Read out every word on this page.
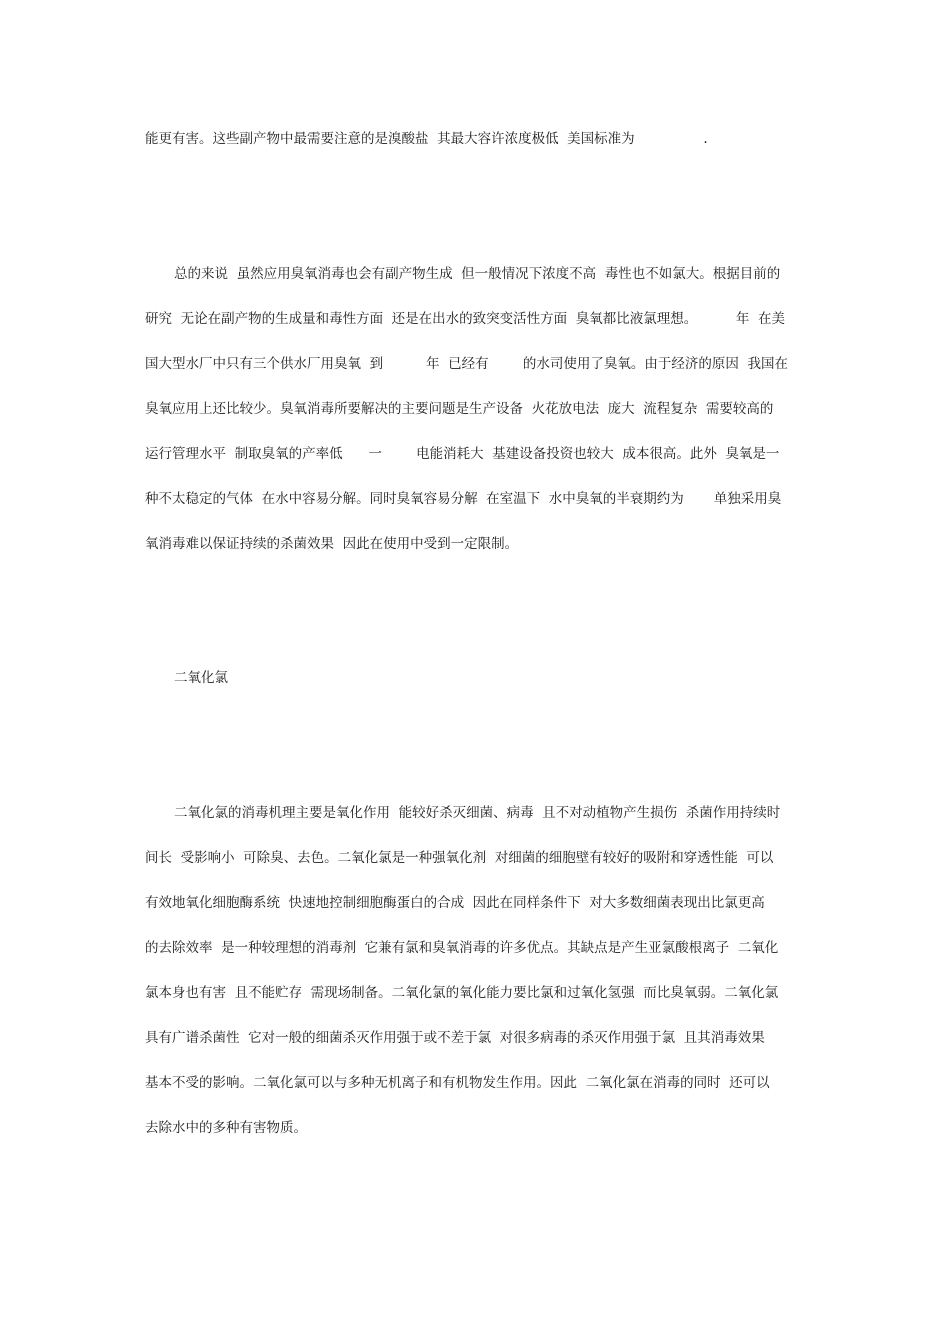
能更有害。这些副产物中最需要注意的是溴酸盐  其最大容许浓度极低  美国标准为                .
总的来说  虽然应用臭氧消毒也会有副产物生成  但一般情况下浓度不高  毒性也不如氯大。根据目前的
研究  无论在副产物的生成量和毒性方面  还是在出水的致突变活性方面  臭氧都比液氯理想。         年  在美
国大型水厂中只有三个供水厂用臭氧  到          年  已经有        的水司使用了臭氧。由于经济的原因  我国在
臭氧应用上还比较少。臭氧消毒所要解决的主要问题是生产设备  火花放电法  庞大  流程复杂  需要较高的
运行管理水平  制取臭氧的产率低      一        电能消耗大  基建设备投资也较大  成本很高。此外  臭氧是一
种不太稳定的气体  在水中容易分解。同时臭氧容易分解  在室温下  水中臭氧的半衰期约为       单独采用臭
氧消毒难以保证持续的杀菌效果  因此在使用中受到一定限制。
二氧化氯
二氧化氯的消毒机理主要是氧化作用  能较好杀灭细菌、病毒  且不对动植物产生损伤  杀菌作用持续时
间长  受影响小  可除臭、去色。二氧化氯是一种强氧化剂  对细菌的细胞壁有较好的吸附和穿透性能  可以
有效地氧化细胞酶系统  快速地控制细胞酶蛋白的合成  因此在同样条件下  对大多数细菌表现出比氯更高
的去除效率  是一种较理想的消毒剂  它兼有氯和臭氧消毒的许多优点。其缺点是产生亚氯酸根离子  二氧化
氯本身也有害  且不能贮存  需现场制备。二氧化氯的氧化能力要比氯和过氧化氢强  而比臭氧弱。二氧化氯
具有广谱杀菌性  它对一般的细菌杀灭作用强于或不差于氯  对很多病毒的杀灭作用强于氯  且其消毒效果
基本不受的影响。二氧化氯可以与多种无机离子和有机物发生作用。因此  二氧化氯在消毒的同时  还可以
去除水中的多种有害物质。
